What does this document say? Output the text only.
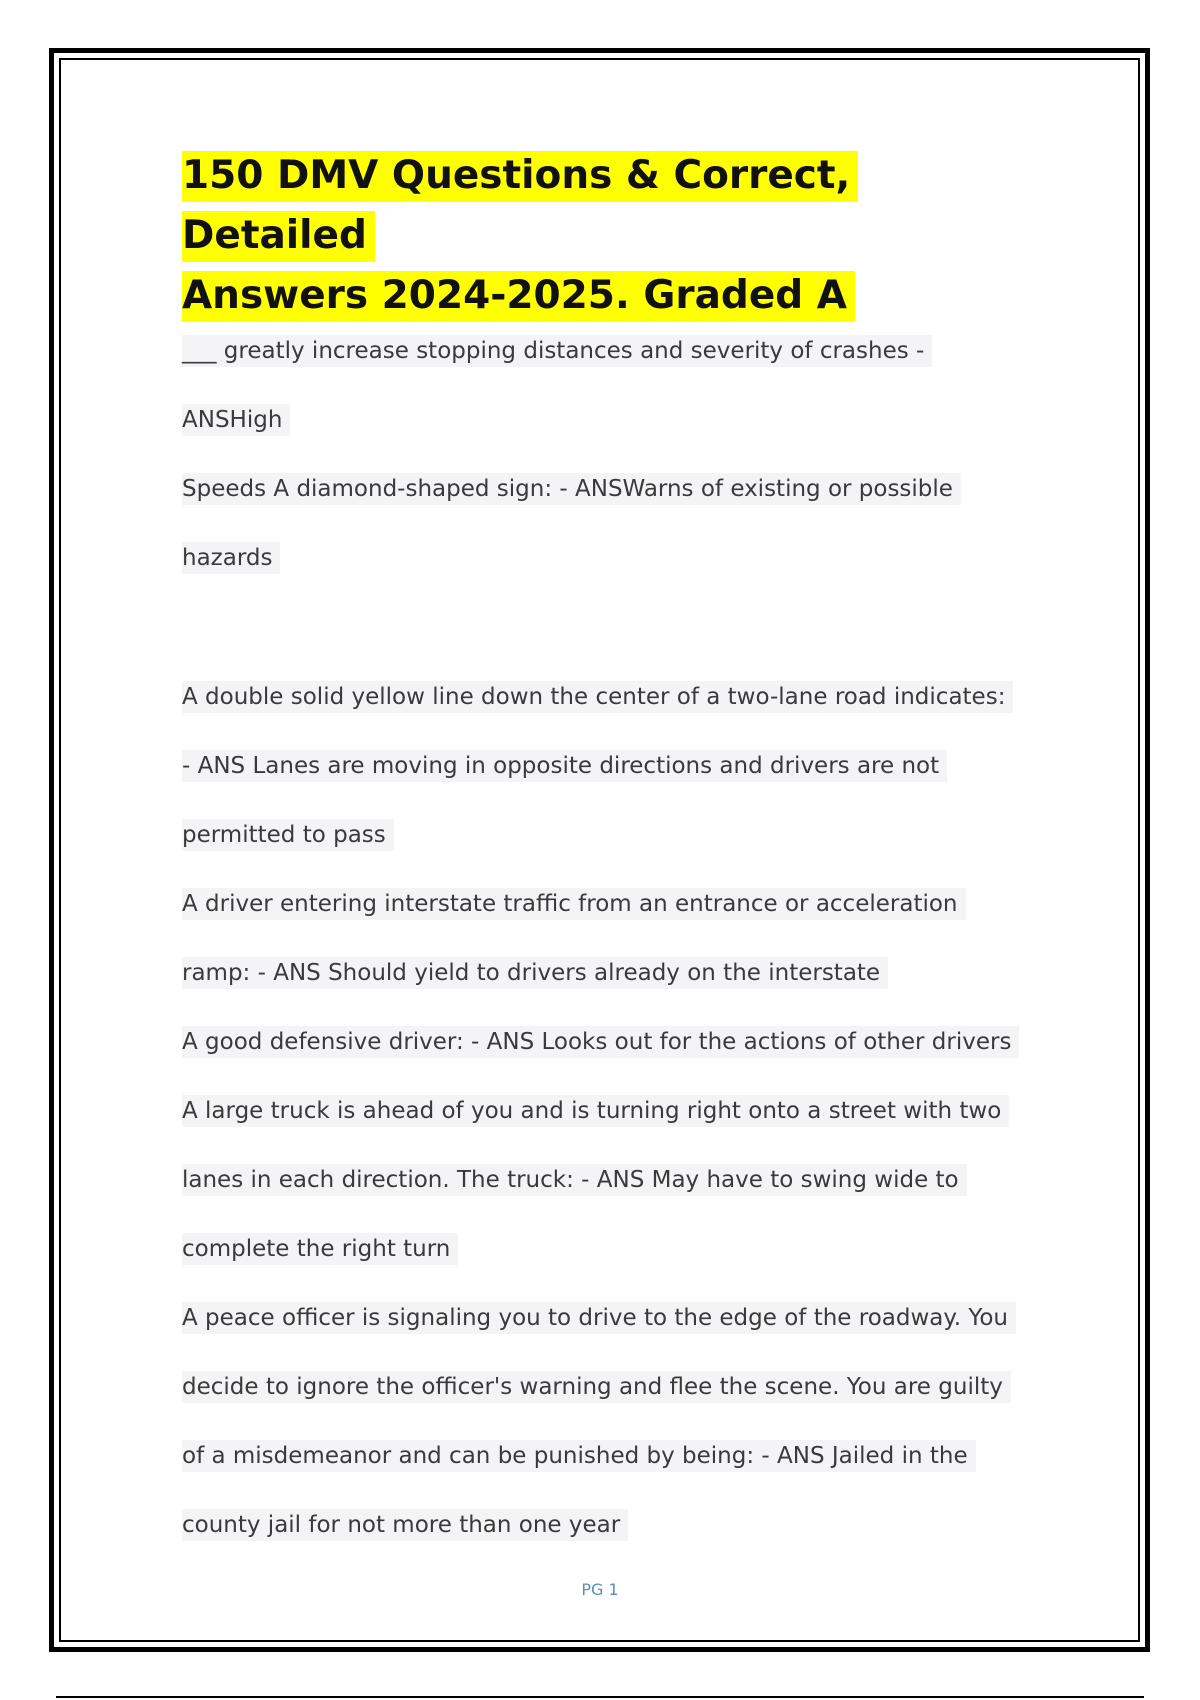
150 DMV Questions & Correct, Detailed
Answers 2024-2025. Graded A
___ greatly increase stopping distances and severity of crashes -
ANSHigh
Speeds A diamond-shaped sign: - ANSWarns of existing or possible
hazards
A double solid yellow line down the center of a two-lane road indicates:
- ANS Lanes are moving in opposite directions and drivers are not
permitted to pass
A driver entering interstate traffic from an entrance or acceleration
ramp: - ANS Should yield to drivers already on the interstate
A good defensive driver: - ANS Looks out for the actions of other drivers
A large truck is ahead of you and is turning right onto a street with two
lanes in each direction. The truck: - ANS May have to swing wide to
complete the right turn
A peace officer is signaling you to drive to the edge of the roadway. You
decide to ignore the officer's warning and flee the scene. You are guilty
of a misdemeanor and can be punished by being: - ANS Jailed in the
county jail for not more than one year
PG 1
